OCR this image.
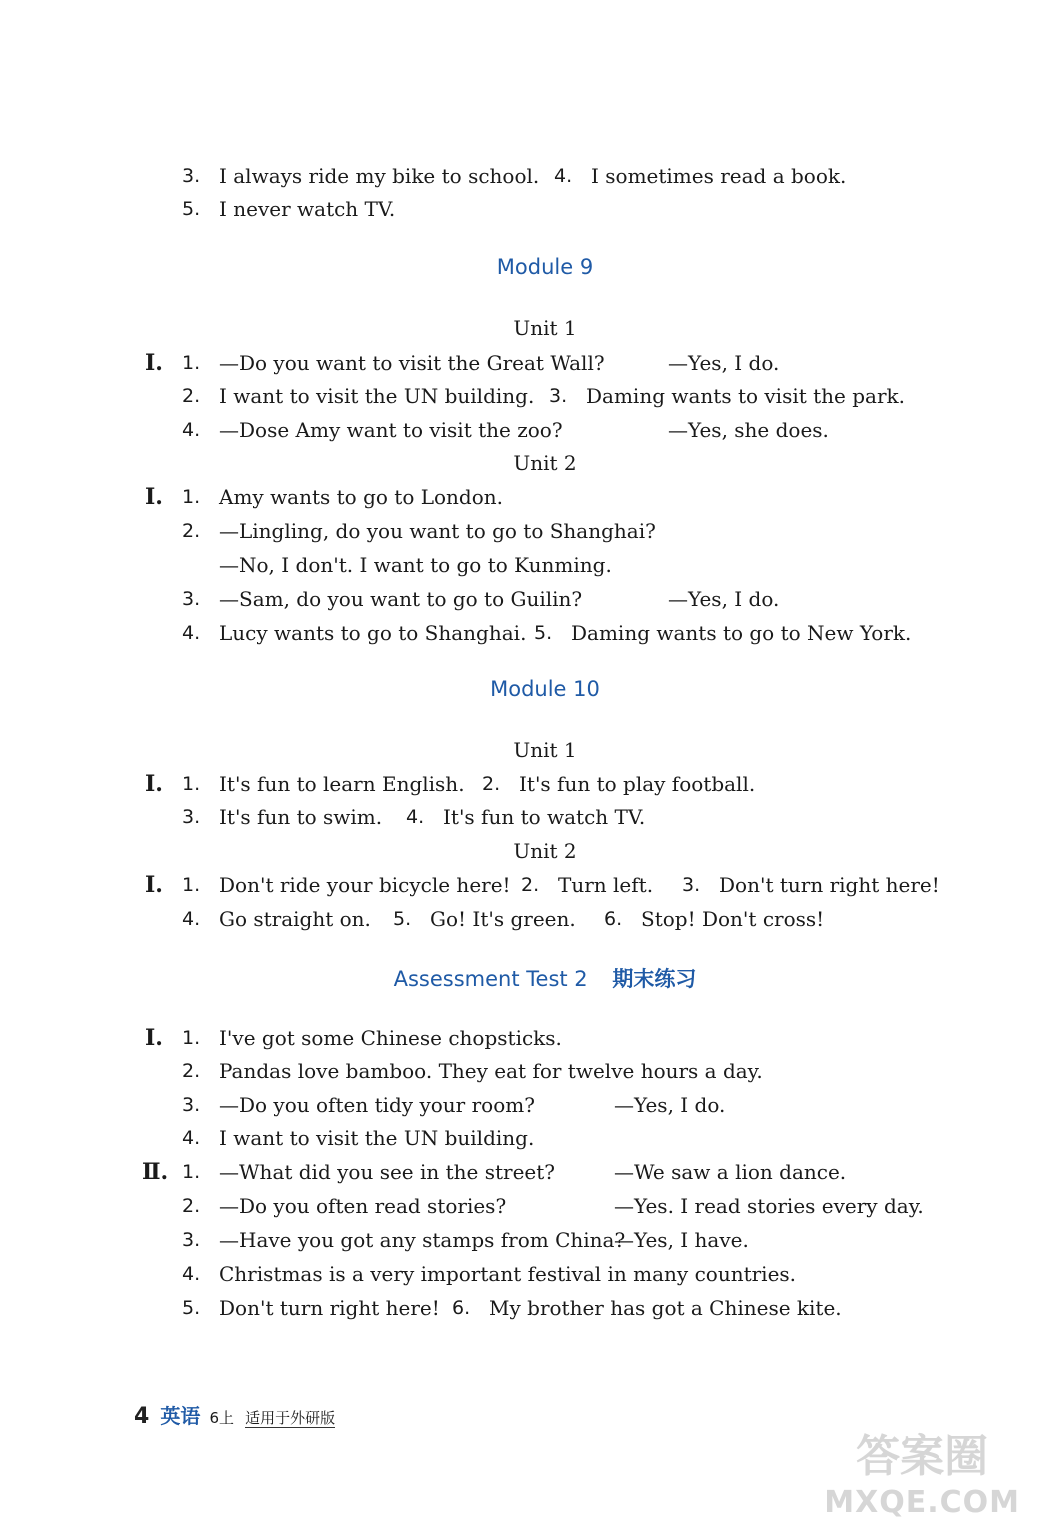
3. I always ride my bike to school. 4. I sometimes read a book.
5. I never watch TV.
Module 9
Unit 1
Ⅰ. 1. —Do you want to visit the Great Wall?	—Yes, I do.
2. I want to visit the UN building. 3. Daming wants to visit the park.
4. —Dose Amy want to visit the zoo?	—Yes, she does.
Unit 2
Ⅰ. 1. Amy wants to go to London.
2. —Lingling, do you want to go to Shanghai?
—No, I don't. I want to go to Kunming.
3. —Sam, do you want to go to Guilin?	—Yes, I do.
4. Lucy wants to go to Shanghai. 5. Daming wants to go to New York.
Module 10
Unit 1
Ⅰ. 1. It's fun to learn English. 2. It's fun to play football.
3. It's fun to swim. 4. It's fun to watch TV.
Unit 2
Ⅰ. 1. Don't ride your bicycle here! 2. Turn left. 3. Don't turn right here!
4. Go straight on. 5. Go! It's green. 6. Stop! Don't cross!
Assessment Test 2 期末练习
Ⅰ. 1. I've got some Chinese chopsticks.
2. Pandas love bamboo. They eat for twelve hours a day.
3. —Do you often tidy your room?	—Yes, I do.
4. I want to visit the UN building.
Ⅱ. 1. —What did you see in the street?	—We saw a lion dance.
2. —Do you often read stories?	—Yes. I read stories every day.
3. —Have you got any stamps from China?
—Yes, I have.
4. Christmas is a very important festival in many countries.
5. Don't turn right here! 6. My brother has got a Chinese kite.
4 英语 6上 适用于外研版
答案圈
MXQE.COM
